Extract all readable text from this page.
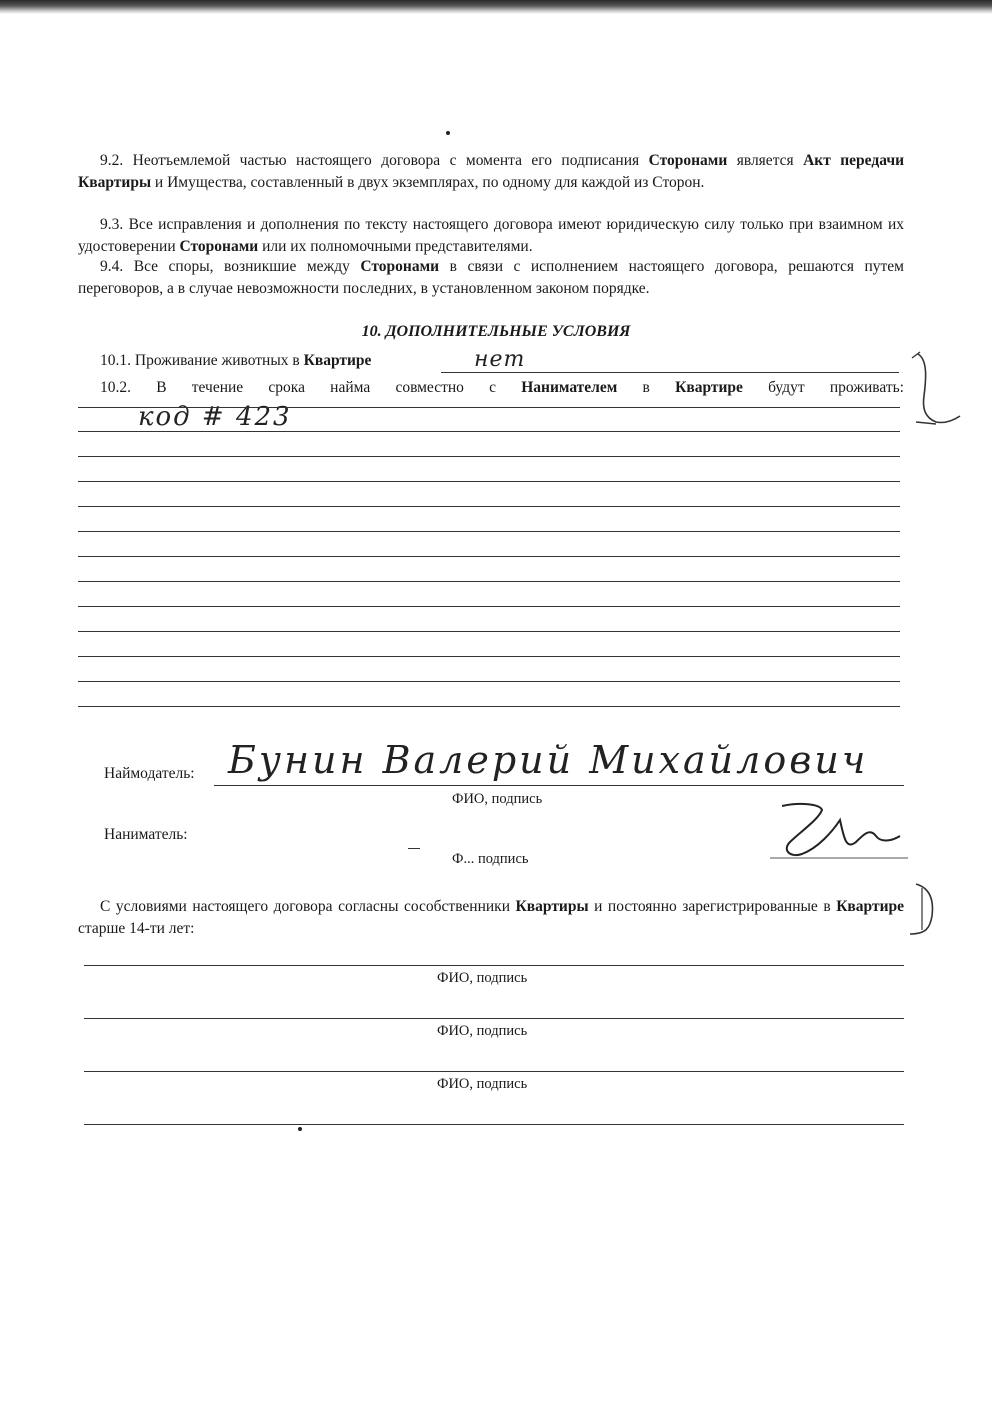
9.2. Неотъемлемой частью настоящего договора с момента его подписания Сторонами является Акт передачи Квартиры и Имущества, составленный в двух экземплярах, по одному для каждой из Сторон.
9.3. Все исправления и дополнения по тексту настоящего договора имеют юридическую силу только при взаимном их удостоверении Сторонами или их полномочными представителями.
9.4. Все споры, возникшие между Сторонами в связи с исполнением настоящего договора, решаются путем переговоров, а в случае невозможности последних, в установленном законом порядке.
10. ДОПОЛНИТЕЛЬНЫЕ УСЛОВИЯ
10.1. Проживание животных в Квартире	нет
10.2. В течение срока найма совместно с Нанимателем в Квартире будут проживать:
код # 423
Наймодатель: Бунин Валерий Михайлович
ФИО, подпись
Наниматель:
Ф... подпись
С условиями настоящего договора согласны сособственники Квартиры и постоянно зарегистрированные в Квартире старше 14-ти лет:
ФИО, подпись
ФИО, подпись
ФИО, подпись
